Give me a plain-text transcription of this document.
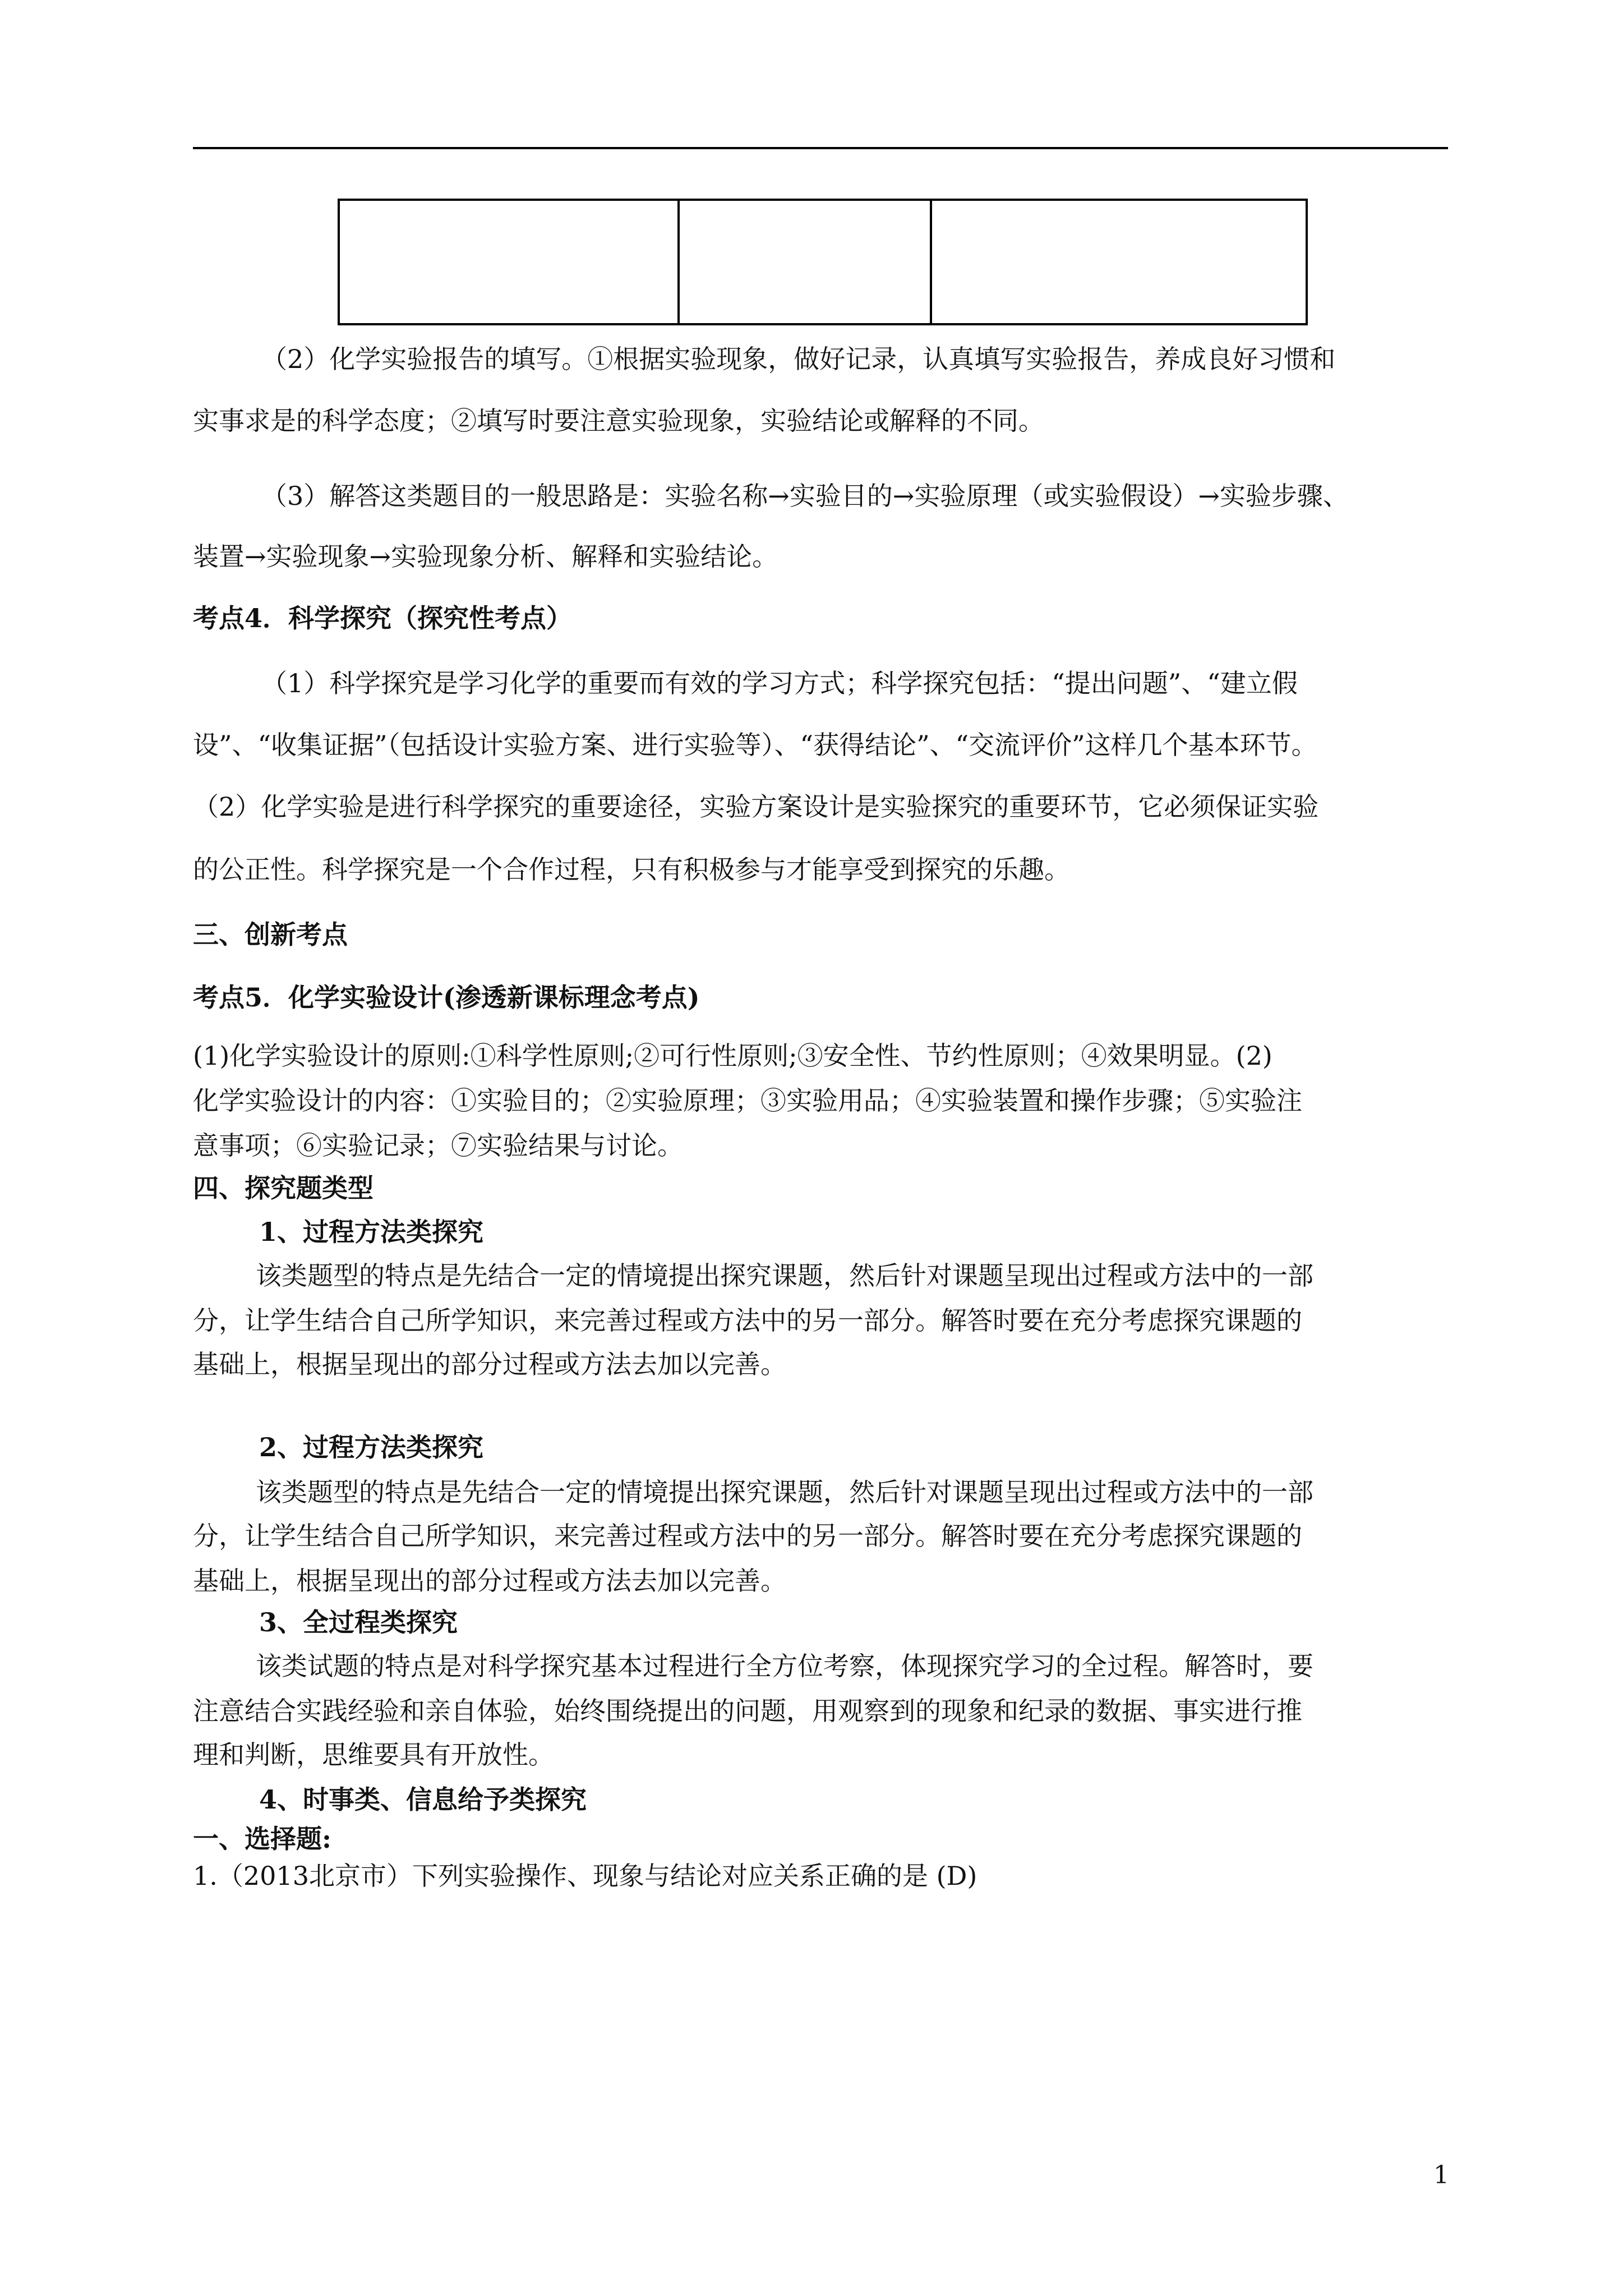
（2）化学实验报告的填写。①根据实验现象，做好记录，认真填写实验报告，养成良好习惯和
实事求是的科学态度；②填写时要注意实验现象，实验结论或解释的不同。
（3）解答这类题目的一般思路是：实验名称→实验目的→实验原理（或实验假设）→实验步骤、
装置→实验现象→实验现象分析、解释和实验结论。
考点4．科学探究（探究性考点）
（1）科学探究是学习化学的重要而有效的学习方式；科学探究包括：“提出问题”、“建立假
设”、“收集证据”（包括设计实验方案、进行实验等）、“获得结论”、“交流评价”这样几个基本环节。
（2）化学实验是进行科学探究的重要途径，实验方案设计是实验探究的重要环节，它必须保证实验
的公正性。科学探究是一个合作过程，只有积极参与才能享受到探究的乐趣。
三、创新考点
考点5．化学实验设计(渗透新课标理念考点)
(1)化学实验设计的原则:①科学性原则;②可行性原则;③安全性、节约性原则；④效果明显。(2)
化学实验设计的内容：①实验目的；②实验原理；③实验用品；④实验装置和操作步骤；⑤实验注
意事项；⑥实验记录；⑦实验结果与讨论。
四、探究题类型
1、过程方法类探究
该类题型的特点是先结合一定的情境提出探究课题，然后针对课题呈现出过程或方法中的一部
分，让学生结合自己所学知识，来完善过程或方法中的另一部分。解答时要在充分考虑探究课题的
基础上，根据呈现出的部分过程或方法去加以完善。
2、过程方法类探究
该类题型的特点是先结合一定的情境提出探究课题，然后针对课题呈现出过程或方法中的一部
分，让学生结合自己所学知识，来完善过程或方法中的另一部分。解答时要在充分考虑探究课题的
基础上，根据呈现出的部分过程或方法去加以完善。
3、全过程类探究
该类试题的特点是对科学探究基本过程进行全方位考察，体现探究学习的全过程。解答时，要
注意结合实践经验和亲自体验，始终围绕提出的问题，用观察到的现象和纪录的数据、事实进行推
理和判断，思维要具有开放性。
4、时事类、信息给予类探究
一、选择题:
1.（2013北京市）下列实验操作、现象与结论对应关系正确的是 (D)
1
